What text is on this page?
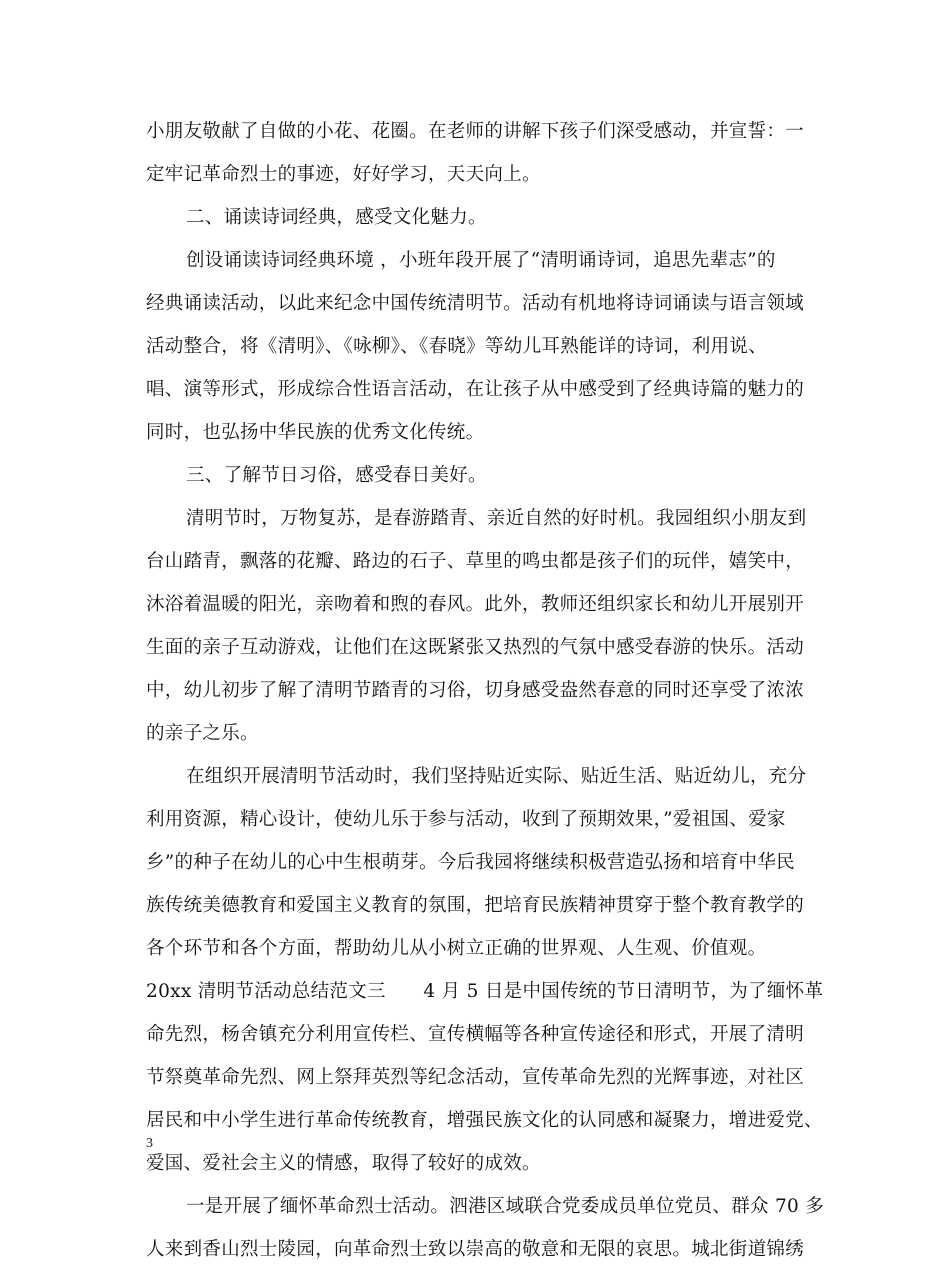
小朋友敬献了自做的小花、花圈。在老师的讲解下孩子们深受感动，并宣誓：一
定牢记革命烈士的事迹，好好学习，天天向上。
二、诵读诗词经典，感受文化魅力。
创设诵读诗词经典环境 ，小班年段开展了“清明诵诗词，追思先辈志”的
经典诵读活动，以此来纪念中国传统清明节。活动有机地将诗词诵读与语言领域
活动整合，将《清明》、《咏柳》、《春晓》等幼儿耳熟能详的诗词，利用说、
唱、演等形式，形成综合性语言活动，在让孩子从中感受到了经典诗篇的魅力的
同时，也弘扬中华民族的优秀文化传统。
三、了解节日习俗，感受春日美好。
清明节时，万物复苏，是春游踏青、亲近自然的好时机。我园组织小朋友到
台山踏青，飘落的花瓣、路边的石子、草里的鸣虫都是孩子们的玩伴，嬉笑中，
沐浴着温暖的阳光，亲吻着和煦的春风。此外，教师还组织家长和幼儿开展别开
生面的亲子互动游戏，让他们在这既紧张又热烈的气氛中感受春游的快乐。活动
中，幼儿初步了解了清明节踏青的习俗，切身感受盎然春意的同时还享受了浓浓
的亲子之乐。
在组织开展清明节活动时，我们坚持贴近实际、贴近生活、贴近幼儿，充分
利用资源，精心设计，使幼儿乐于参与活动，收到了预期效果，”爱祖国、爱家
乡”的种子在幼儿的心中生根萌芽。今后我园将继续积极营造弘扬和培育中华民
族传统美德教育和爱国主义教育的氛围，把培育民族精神贯穿于整个教育教学的
各个环节和各个方面，帮助幼儿从小树立正确的世界观、人生观、价值观。
20xx 清明节活动总结范文三　　4 月 5 日是中国传统的节日清明节，为了缅怀革
命先烈，杨舍镇充分利用宣传栏、宣传横幅等各种宣传途径和形式，开展了清明
节祭奠革命先烈、网上祭拜英烈等纪念活动，宣传革命先烈的光辉事迹，对社区
居民和中小学生进行革命传统教育，增强民族文化的认同感和凝聚力，增进爱党、
爱国、爱社会主义的情感，取得了较好的成效。
一是开展了缅怀革命烈士活动。泗港区域联合党委成员单位党员、群众 70 多
人来到香山烈士陵园，向革命烈士致以崇高的敬意和无限的哀思。城北街道锦绣
3
